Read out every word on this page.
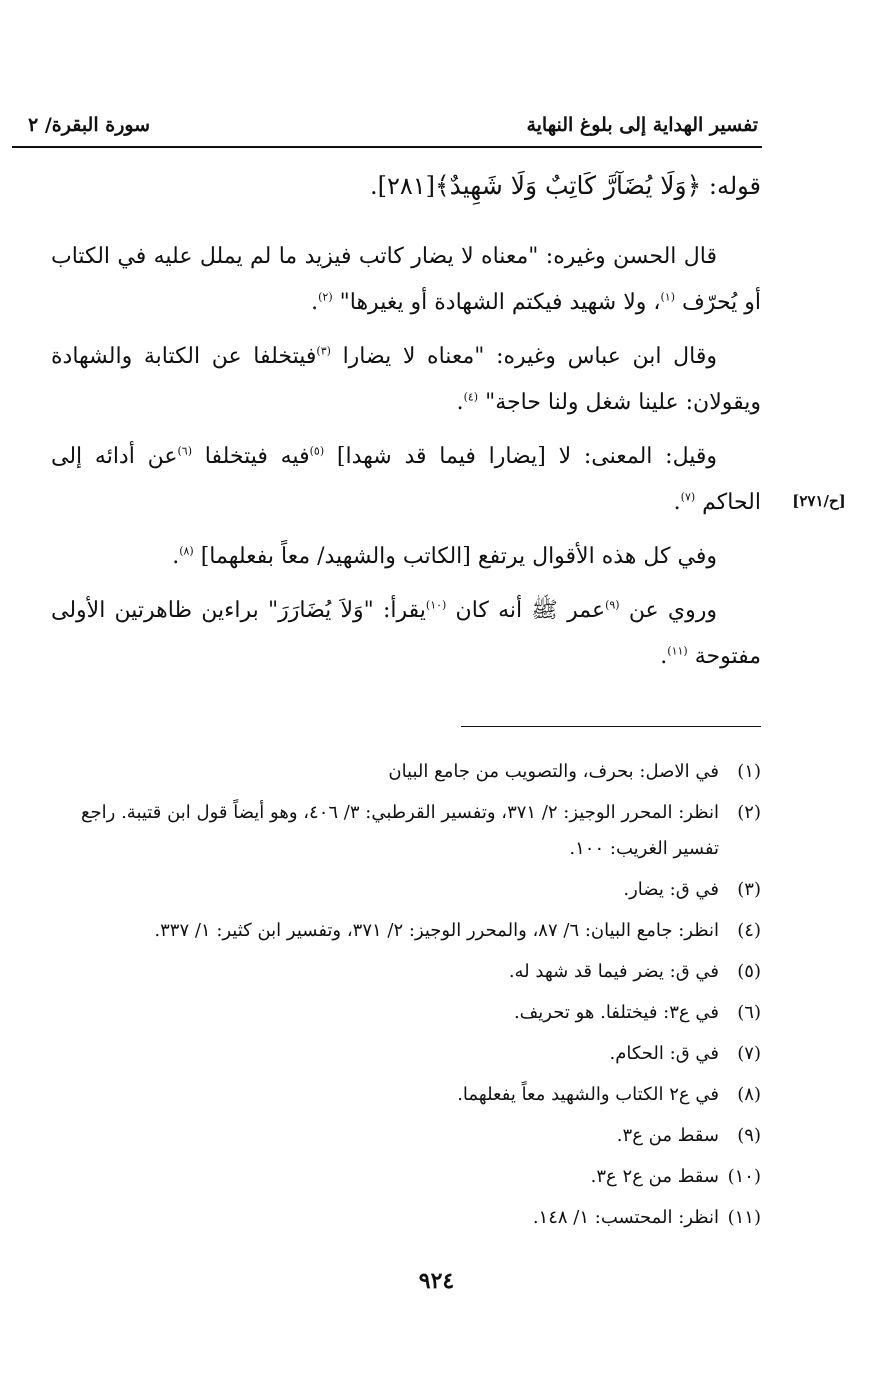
سورة البقرة/ ٢	تفسير الهداية إلى بلوغ النهاية
قوله: ﴿وَلَا يُضَآرَّ كَاتِبٌ وَلَا شَهِيدٌ﴾[٢٨١].

قال الحسن وغيره: "معناه لا يضار كاتب فيزيد ما لم يملل عليه في الكتاب أو يُحرّف $^{(١)}$، ولا شهيد فيكتم الشهادة أو يغيرها" $^{(٢)}$.

وقال ابن عباس وغيره: "معناه لا يضارا $^{(٣)}$فيتخلفا عن الكتابة والشهادة ويقولان: علينا شغل ولنا حاجة" $^{(٤)}$.

وقيل: المعنى: لا [يضارا فيما قد شهدا] $^{(٥)}$فيه فيتخلفا $^{(٦)}$عن أدائه إلى الحاكم $^{(٧)}$.

وفي كل هذه الأقوال يرتفع [الكاتب والشهيد/ معاً بفعلهما] $^{(٨)}$.

وروي عن $^{(٩)}$عمر ﷺ أنه كان $^{(١٠)}$يقرأ: "وَلاَ يُضَارَرَ" براءين ظاهرتين الأولى مفتوحة $^{(١١)}$.

[ح/٢٧١]
(١)
في الاصل: بحرف، والتصويب من جامع البيان
(٢)
انظر: المحرر الوجيز: ٢/ ٣٧١، وتفسير القرطبي: ٣/ ٤٠٦، وهو أيضاً قول ابن قتيبة. راجع تفسير الغريب: ١٠٠.
(٣)
في ق: يضار.
(٤)
انظر: جامع البيان: ٦/ ٨٧، والمحرر الوجيز: ٢/ ٣٧١، وتفسير ابن كثير: ١/ ٣٣٧.
(٥)
في ق: يضر فيما قد شهد له.
(٦)
في ع٣: فيختلفا. هو تحريف.
(٧)
في ق: الحكام.
(٨)
في ع٢ الكتاب والشهيد معاً يفعلهما.
(٩)
سقط من ع٣.
(١٠)
سقط من ع٢ ع٣.
(١١)
انظر: المحتسب: ١/ ١٤٨.
٩٢٤
